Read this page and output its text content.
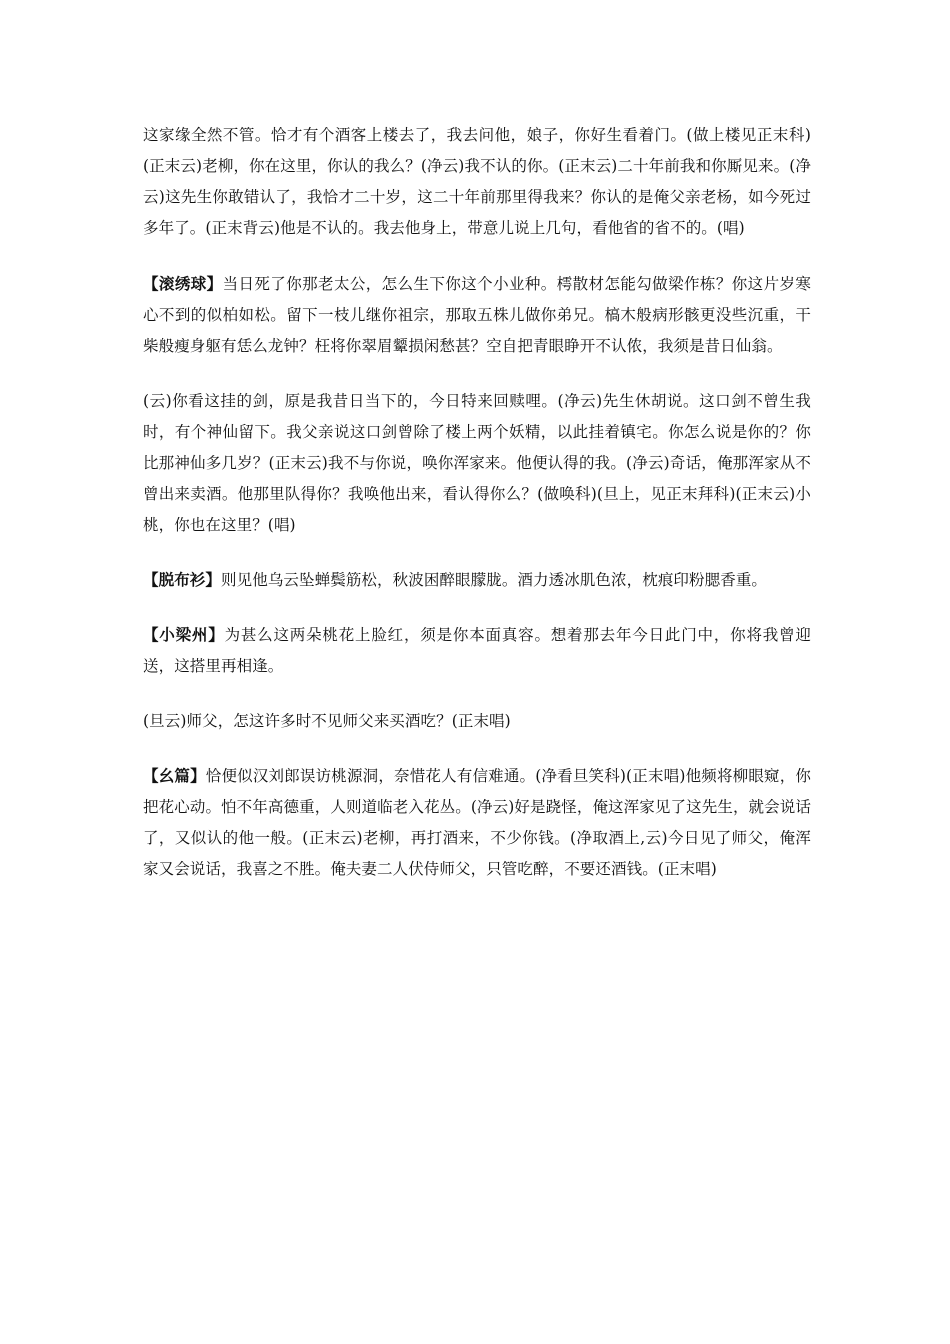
这家缘全然不管。恰才有个酒客上楼去了，我去问他，娘子，你好生看着门。(做上楼见正末科)(正末云)老柳，你在这里，你认的我么？(净云)我不认的你。(正末云)二十年前我和你厮见来。(净云)这先生你敢错认了，我恰才二十岁，这二十年前那里得我来？你认的是俺父亲老杨，如今死过多年了。(正末背云)他是不认的。我去他身上，带意儿说上几句，看他省的省不的。(唱)

【滚绣球】当日死了你那老太公，怎么生下你这个小业种。樗散材怎能勾做梁作栋？你这片岁寒心不到的似柏如松。留下一枝儿继你祖宗，那取五株儿做你弟兄。槁木般病形骸更没些沉重，干柴般瘦身躯有恁么龙钟？枉将你翠眉颦损闲愁甚？空自把青眼睁开不认侬，我须是昔日仙翁。

(云)你看这挂的剑，原是我昔日当下的，今日特来回赎哩。(净云)先生休胡说。这口剑不曾生我时，有个神仙留下。我父亲说这口剑曾除了楼上两个妖精，以此挂着镇宅。你怎么说是你的？你比那神仙多几岁？(正末云)我不与你说，唤你浑家来。他便认得的我。(净云)奇话，俺那浑家从不曾出来卖酒。他那里队得你？我唤他出来，看认得你么？(做唤科)(旦上，见正末拜科)(正末云)小桃，你也在这里？(唱)

【脱布衫】则见他乌云坠蝉鬓筋松，秋波困醉眼朦胧。酒力透冰肌色浓，枕痕印粉腮香重。

【小梁州】为甚么这两朵桃花上脸红，须是你本面真容。想着那去年今日此门中，你将我曾迎送，这搭里再相逢。

(旦云)师父，怎这许多时不见师父来买酒吃？(正末唱)

【幺篇】恰便似汉刘郎误访桃源洞，奈惜花人有信难通。(净看旦笑科)(正末唱)他频将柳眼窥，你把花心动。怕不年高德重，人则道临老入花丛。(净云)好是跷怪，俺这浑家见了这先生，就会说话了，又似认的他一般。(正末云)老柳，再打酒来，不少你钱。(净取酒上,云)今日见了师父，俺浑家又会说话，我喜之不胜。俺夫妻二人伏侍师父，只管吃醉，不要还酒钱。(正末唱)
